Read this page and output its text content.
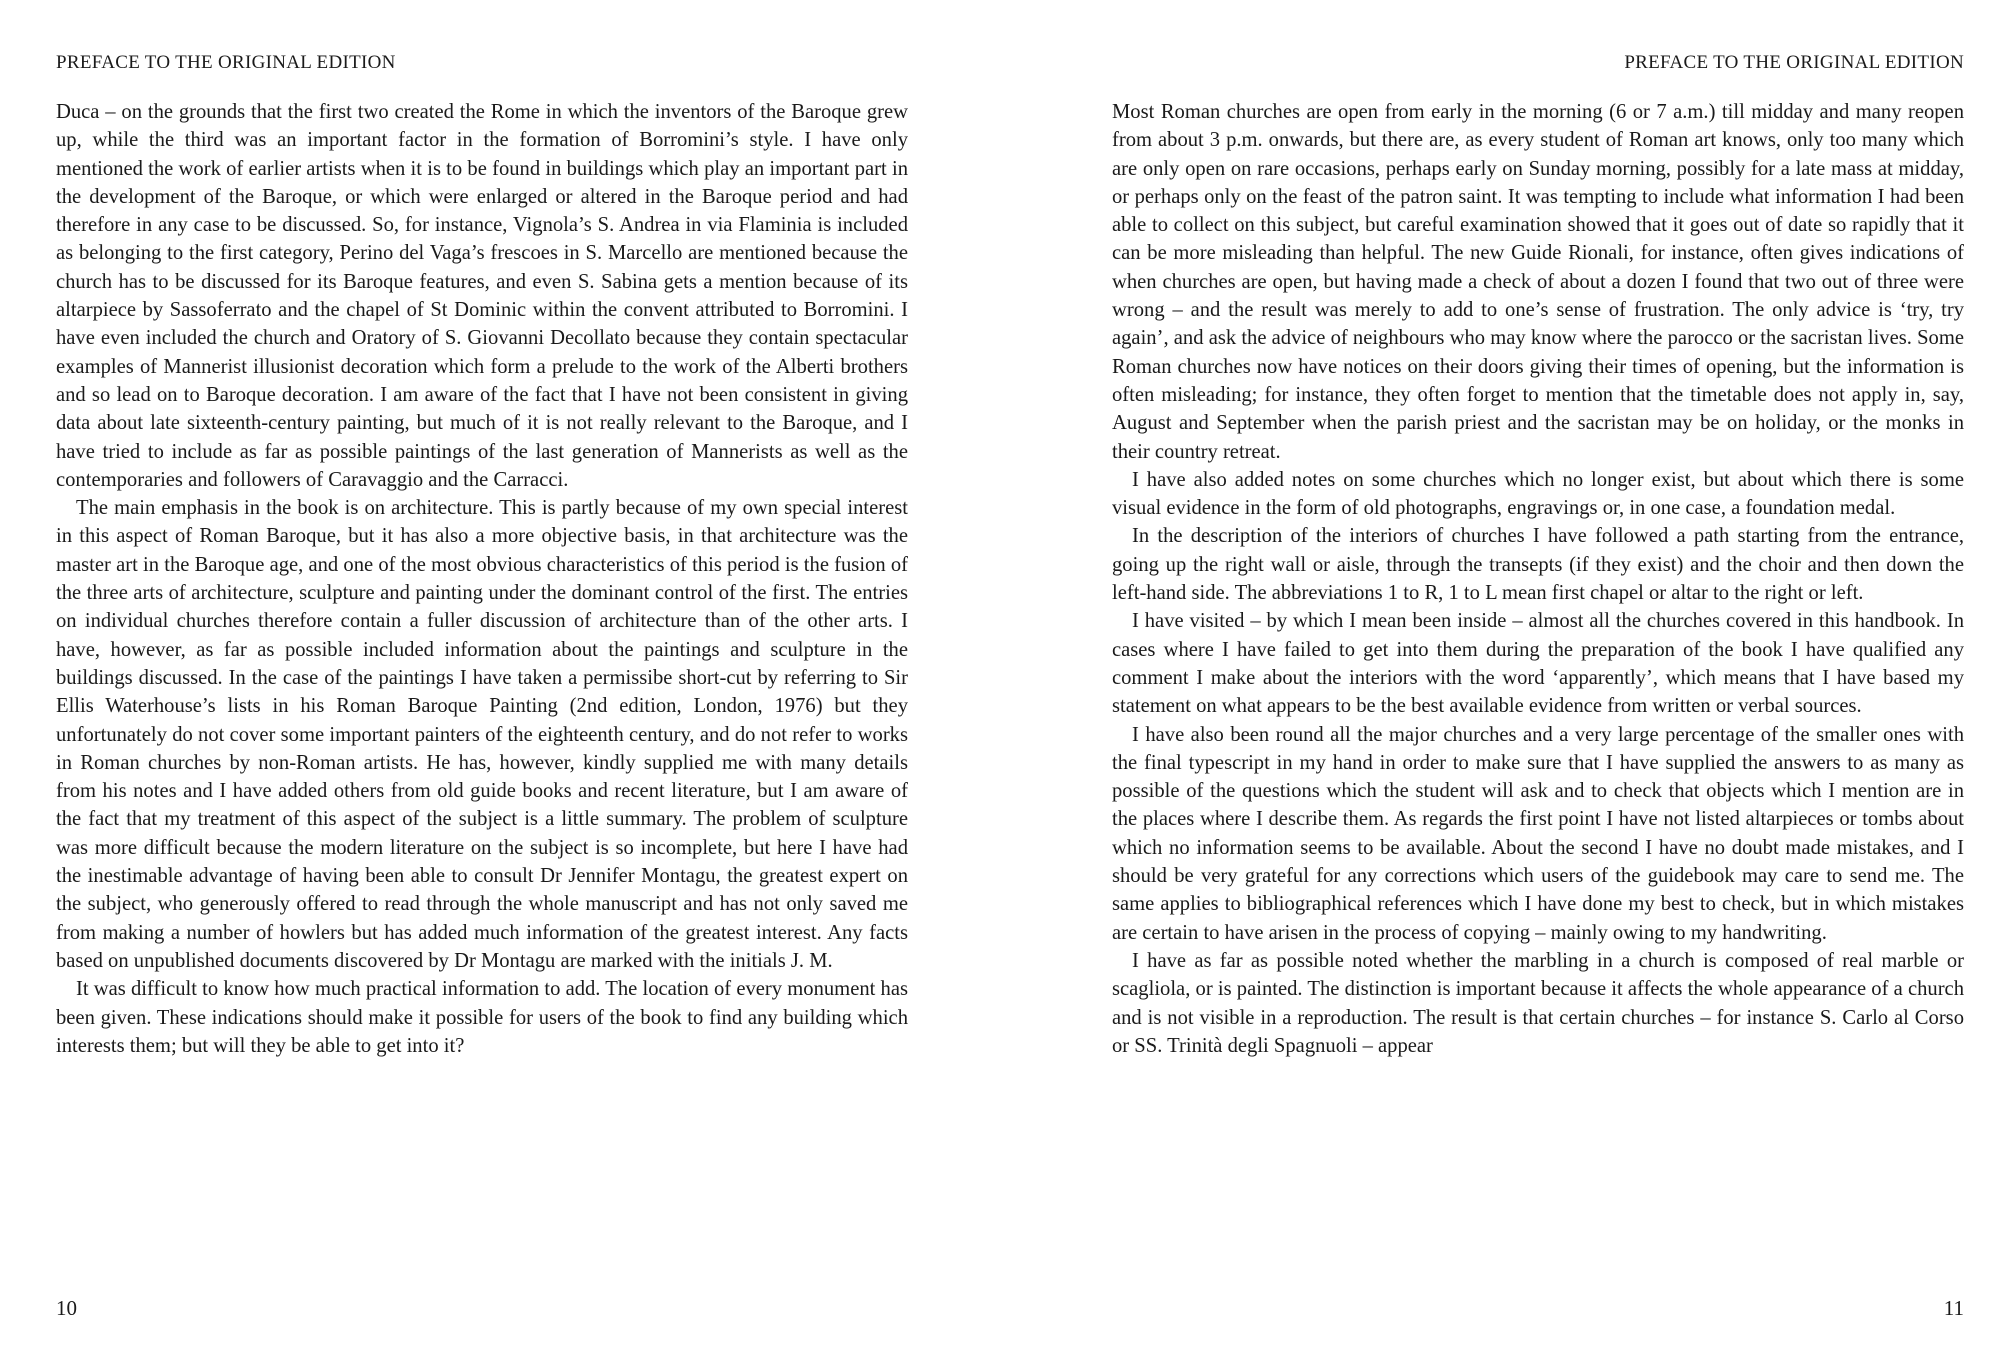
PREFACE TO THE ORIGINAL EDITION

Duca – on the grounds that the first two created the Rome in which the inventors of the Baroque grew up, while the third was an important factor in the formation of Borromini’s style. I have only mentioned the work of earlier artists when it is to be found in buildings which play an important part in the development of the Baroque, or which were enlarged or altered in the Baroque period and had therefore in any case to be discussed. So, for instance, Vignola’s S. Andrea in via Flaminia is included as belonging to the first category, Perino del Vaga’s frescoes in S. Marcello are mentioned because the church has to be discussed for its Baroque features, and even S. Sabina gets a mention because of its altarpiece by Sassoferrato and the chapel of St Dominic within the convent attributed to Borromini. I have even included the church and Oratory of S. Giovanni Decollato because they contain spectacular examples of Mannerist illusionist decoration which form a prelude to the work of the Alberti brothers and so lead on to Baroque decoration. I am aware of the fact that I have not been consistent in giving data about late sixteenth-century painting, but much of it is not really relevant to the Baroque, and I have tried to include as far as possible paintings of the last generation of Mannerists as well as the contemporaries and followers of Caravaggio and the Carracci.

The main emphasis in the book is on architecture. This is partly because of my own special interest in this aspect of Roman Baroque, but it has also a more objective basis, in that architecture was the master art in the Baroque age, and one of the most obvious characteristics of this period is the fusion of the three arts of architecture, sculpture and painting under the dominant control of the first. The entries on individual churches therefore contain a fuller discussion of architecture than of the other arts. I have, however, as far as possible included information about the paintings and sculpture in the buildings discussed. In the case of the paintings I have taken a permissibe short-cut by referring to Sir Ellis Waterhouse’s lists in his Roman Baroque Painting (2nd edition, London, 1976) but they unfortunately do not cover some important painters of the eighteenth century, and do not refer to works in Roman churches by non-Roman artists. He has, however, kindly supplied me with many details from his notes and I have added others from old guide books and recent literature, but I am aware of the fact that my treatment of this aspect of the subject is a little summary. The problem of sculpture was more difficult because the modern literature on the subject is so incomplete, but here I have had the inestimable advantage of having been able to consult Dr Jennifer Montagu, the greatest expert on the subject, who generously offered to read through the whole manuscript and has not only saved me from making a number of howlers but has added much information of the greatest interest. Any facts based on unpublished documents discovered by Dr Montagu are marked with the initials J. M.

It was difficult to know how much practical information to add. The location of every monument has been given. These indications should make it possible for users of the book to find any building which interests them; but will they be able to get into it?

10
PREFACE TO THE ORIGINAL EDITION

Most Roman churches are open from early in the morning (6 or 7 a.m.) till midday and many reopen from about 3 p.m. onwards, but there are, as every student of Roman art knows, only too many which are only open on rare occasions, perhaps early on Sunday morning, possibly for a late mass at midday, or perhaps only on the feast of the patron saint. It was tempting to include what information I had been able to collect on this subject, but careful examination showed that it goes out of date so rapidly that it can be more misleading than helpful. The new Guide Rionali, for instance, often gives indications of when churches are open, but having made a check of about a dozen I found that two out of three were wrong – and the result was merely to add to one’s sense of frustration. The only advice is ‘try, try again’, and ask the advice of neighbours who may know where the parocco or the sacristan lives. Some Roman churches now have notices on their doors giving their times of opening, but the information is often misleading; for instance, they often forget to mention that the timetable does not apply in, say, August and September when the parish priest and the sacristan may be on holiday, or the monks in their country retreat.

I have also added notes on some churches which no longer exist, but about which there is some visual evidence in the form of old photographs, engravings or, in one case, a foundation medal.

In the description of the interiors of churches I have followed a path starting from the entrance, going up the right wall or aisle, through the transepts (if they exist) and the choir and then down the left-hand side. The abbreviations 1 to R, 1 to L mean first chapel or altar to the right or left.

I have visited – by which I mean been inside – almost all the churches covered in this handbook. In cases where I have failed to get into them during the preparation of the book I have qualified any comment I make about the interiors with the word ‘apparently’, which means that I have based my statement on what appears to be the best available evidence from written or verbal sources.

I have also been round all the major churches and a very large percentage of the smaller ones with the final typescript in my hand in order to make sure that I have supplied the answers to as many as possible of the questions which the student will ask and to check that objects which I mention are in the places where I describe them. As regards the first point I have not listed altarpieces or tombs about which no information seems to be available. About the second I have no doubt made mistakes, and I should be very grateful for any corrections which users of the guidebook may care to send me. The same applies to bibliographical references which I have done my best to check, but in which mistakes are certain to have arisen in the process of copying – mainly owing to my handwriting.

I have as far as possible noted whether the marbling in a church is composed of real marble or scagliola, or is painted. The distinction is important because it affects the whole appearance of a church and is not visible in a reproduction. The result is that certain churches – for instance S. Carlo al Corso or SS. Trinità degli Spagnuoli – appear

11
